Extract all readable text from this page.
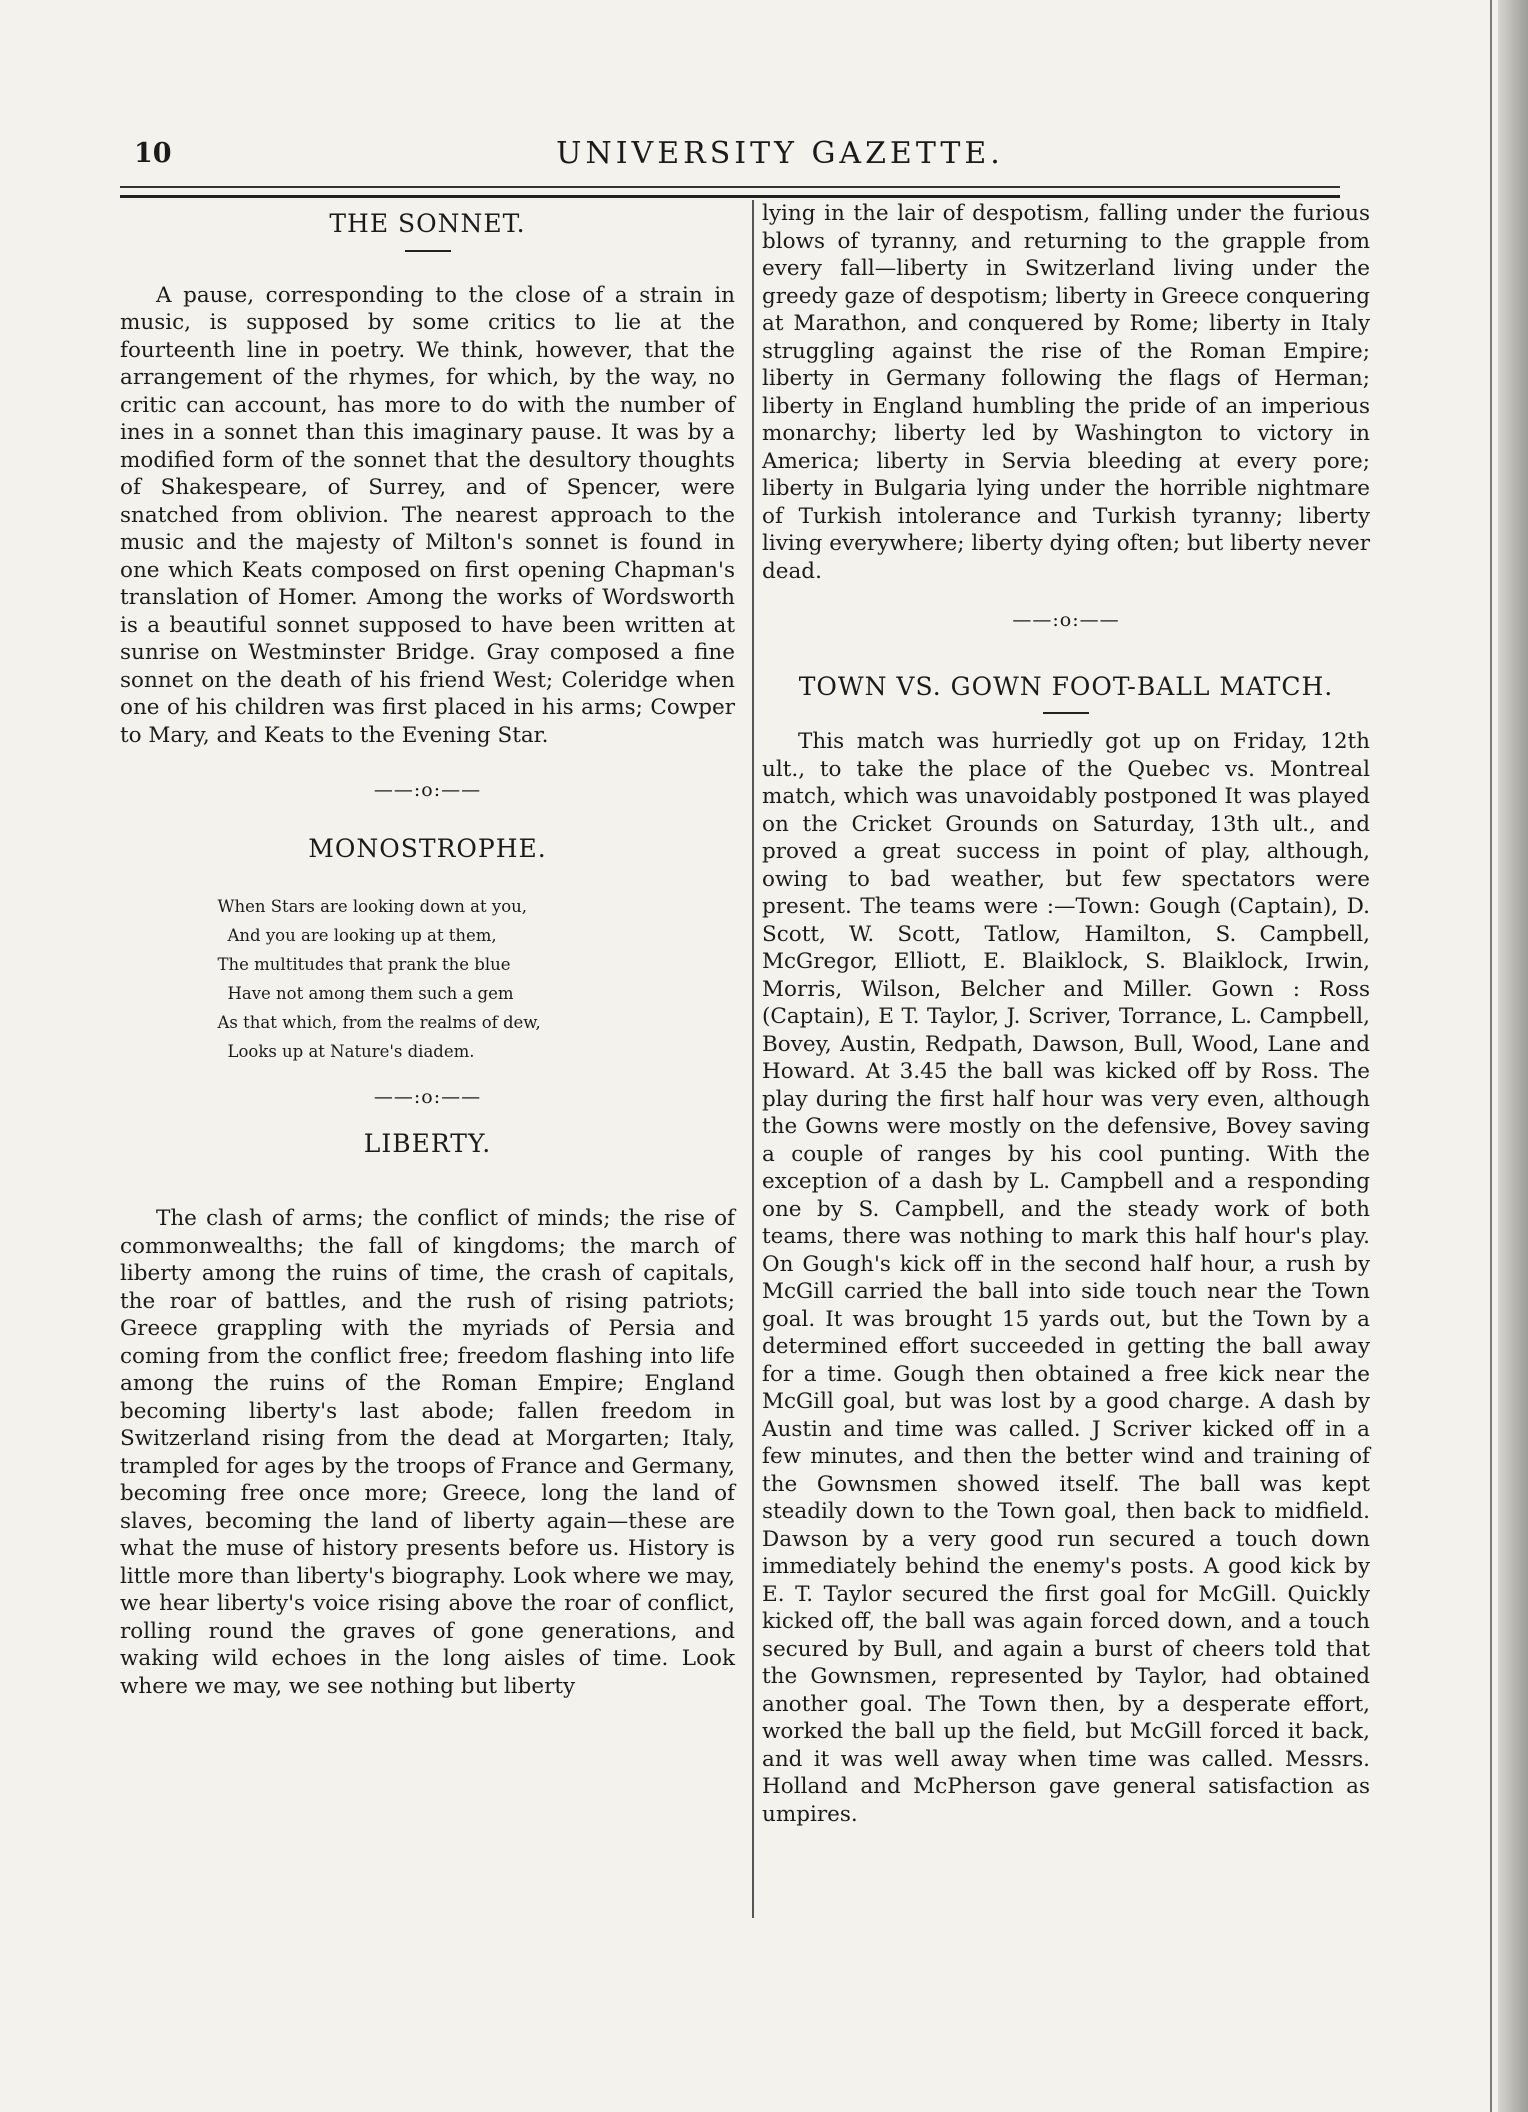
10	UNIVERSITY GAZETTE.
THE SONNET.

A pause, corresponding to the close of a strain in music, is supposed by some critics to lie at the fourteenth line in poetry. We think, however, that the arrangement of the rhymes, for which, by the way, no critic can account, has more to do with the number of ines in a sonnet than this imaginary pause. It was by a modified form of the sonnet that the desultory thoughts of Shakespeare, of Surrey, and of Spencer, were snatched from oblivion. The nearest approach to the music and the majesty of Milton's sonnet is found in one which Keats composed on first opening Chapman's translation of Homer. Among the works of Wordsworth is a beautiful sonnet supposed to have been written at sunrise on Westminster Bridge. Gray composed a fine sonnet on the death of his friend West; Coleridge when one of his children was first placed in his arms; Cowper to Mary, and Keats to the Evening Star.

——:o:——
MONOSTROPHE.
When Stars are looking down at you,
And you are looking up at them,
The multitudes that prank the blue
Have not among them such a gem
As that which, from the realms of dew,
Looks up at Nature's diadem.
——:o:——
LIBERTY.

The clash of arms; the conflict of minds; the rise of commonwealths; the fall of kingdoms; the march of liberty among the ruins of time, the crash of capitals, the roar of battles, and the rush of rising patriots; Greece grappling with the myriads of Persia and coming from the conflict free; freedom flashing into life among the ruins of the Roman Empire; England becoming liberty's last abode; fallen freedom in Switzerland rising from the dead at Morgarten; Italy, trampled for ages by the troops of France and Germany, becoming free once more; Greece, long the land of slaves, becoming the land of liberty again—these are what the muse of history presents before us. History is little more than liberty's biography. Look where we may, we hear liberty's voice rising above the roar of conflict, rolling round the graves of gone generations, and waking wild echoes in the long aisles of time. Look where we may, we see nothing but liberty

lying in the lair of despotism, falling under the furious blows of tyranny, and returning to the grapple from every fall—liberty in Switzerland living under the greedy gaze of despotism; liberty in Greece conquering at Marathon, and conquered by Rome; liberty in Italy struggling against the rise of the Roman Empire; liberty in Germany following the flags of Herman; liberty in England humbling the pride of an imperious monarchy; liberty led by Washington to victory in America; liberty in Servia bleeding at every pore; liberty in Bulgaria lying under the horrible nightmare of Turkish intolerance and Turkish tyranny; liberty living everywhere; liberty dying often; but liberty never dead.

——:o:——
TOWN VS. GOWN FOOT-BALL MATCH.

This match was hurriedly got up on Friday, 12th ult., to take the place of the Quebec vs. Montreal match, which was unavoidably postponed It was played on the Cricket Grounds on Saturday, 13th ult., and proved a great success in point of play, although, owing to bad weather, but few spectators were present. The teams were :—Town: Gough (Captain), D. Scott, W. Scott, Tatlow, Hamilton, S. Campbell, McGregor, Elliott, E. Blaiklock, S. Blaiklock, Irwin, Morris, Wilson, Belcher and Miller. Gown : Ross (Captain), E T. Taylor, J. Scriver, Torrance, L. Campbell, Bovey, Austin, Redpath, Dawson, Bull, Wood, Lane and Howard. At 3.45 the ball was kicked off by Ross. The play during the first half hour was very even, although the Gowns were mostly on the defensive, Bovey saving a couple of ranges by his cool punting. With the exception of a dash by L. Campbell and a responding one by S. Campbell, and the steady work of both teams, there was nothing to mark this half hour's play. On Gough's kick off in the second half hour, a rush by McGill carried the ball into side touch near the Town goal. It was brought 15 yards out, but the Town by a determined effort succeeded in getting the ball away for a time. Gough then obtained a free kick near the McGill goal, but was lost by a good charge. A dash by Austin and time was called. J Scriver kicked off in a few minutes, and then the better wind and training of the Gownsmen showed itself. The ball was kept steadily down to the Town goal, then back to midfield. Dawson by a very good run secured a touch down immediately behind the enemy's posts. A good kick by E. T. Taylor secured the first goal for McGill. Quickly kicked off, the ball was again forced down, and a touch secured by Bull, and again a burst of cheers told that the Gownsmen, represented by Taylor, had obtained another goal. The Town then, by a desperate effort, worked the ball up the field, but McGill forced it back, and it was well away when time was called. Messrs. Holland and McPherson gave general satisfaction as umpires.
